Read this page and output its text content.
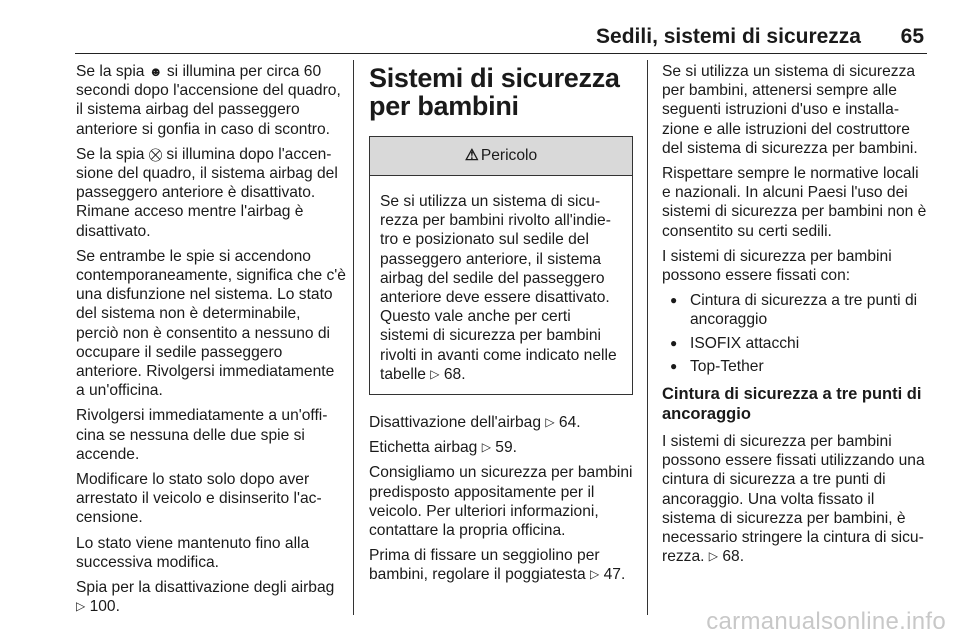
Sedili, sistemi di sicurezza 65

Se la spia ☻ si illumina per circa 60 secondi dopo l'accensione del quadro, il sistema airbag del passeggero anteriore si gonfia in caso di scontro.

Se la spia ⛒ si illumina dopo l'accensione del quadro, il sistema airbag del passeggero anteriore è disattivato. Rimane acceso mentre l'airbag è disattivato.

Se entrambe le spie si accendono contemporaneamente, significa che c'è una disfunzione nel sistema. Lo stato del sistema non è determinabile, perciò non è consentito a nessuno di occupare il sedile passeggero anteriore. Rivolgersi immediatamente a un'officina.

Rivolgersi immediatamente a un'officina se nessuna delle due spie si accende.

Modificare lo stato solo dopo aver arrestato il veicolo e disinserito l'accensione.

Lo stato viene mantenuto fino alla successiva modifica.

Spia per la disattivazione degli airbag ▷ 100.

Sistemi di sicurezza per bambini
⚠ Pericolo
Se si utilizza un sistema di sicurezza per bambini rivolto all'indietro e posizionato sul sedile del passeggero anteriore, il sistema airbag del sedile del passeggero anteriore deve essere disattivato. Questo vale anche per certi sistemi di sicurezza per bambini rivolti in avanti come indicato nelle tabelle ▷ 68.

Disattivazione dell'airbag ▷ 64.

Etichetta airbag ▷ 59.

Consigliamo un sicurezza per bambini predisposto appositamente per il veicolo. Per ulteriori informazioni, contattare la propria officina.

Prima di fissare un seggiolino per bambini, regolare il poggiatesta ▷ 47.

Se si utilizza un sistema di sicurezza per bambini, attenersi sempre alle seguenti istruzioni d'uso e installazione e alle istruzioni del costruttore del sistema di sicurezza per bambini.

Rispettare sempre le normative locali e nazionali. In alcuni Paesi l'uso dei sistemi di sicurezza per bambini non è consentito su certi sedili.

I sistemi di sicurezza per bambini possono essere fissati con:

● Cintura di sicurezza a tre punti di ancoraggio
● ISOFIX attacchi
● Top-Tether
Cintura di sicurezza a tre punti di ancoraggio

I sistemi di sicurezza per bambini possono essere fissati utilizzando una cintura di sicurezza a tre punti di ancoraggio. Una volta fissato il sistema di sicurezza per bambini, è necessario stringere la cintura di sicurezza. ▷ 68.

carmanualsonline.info
